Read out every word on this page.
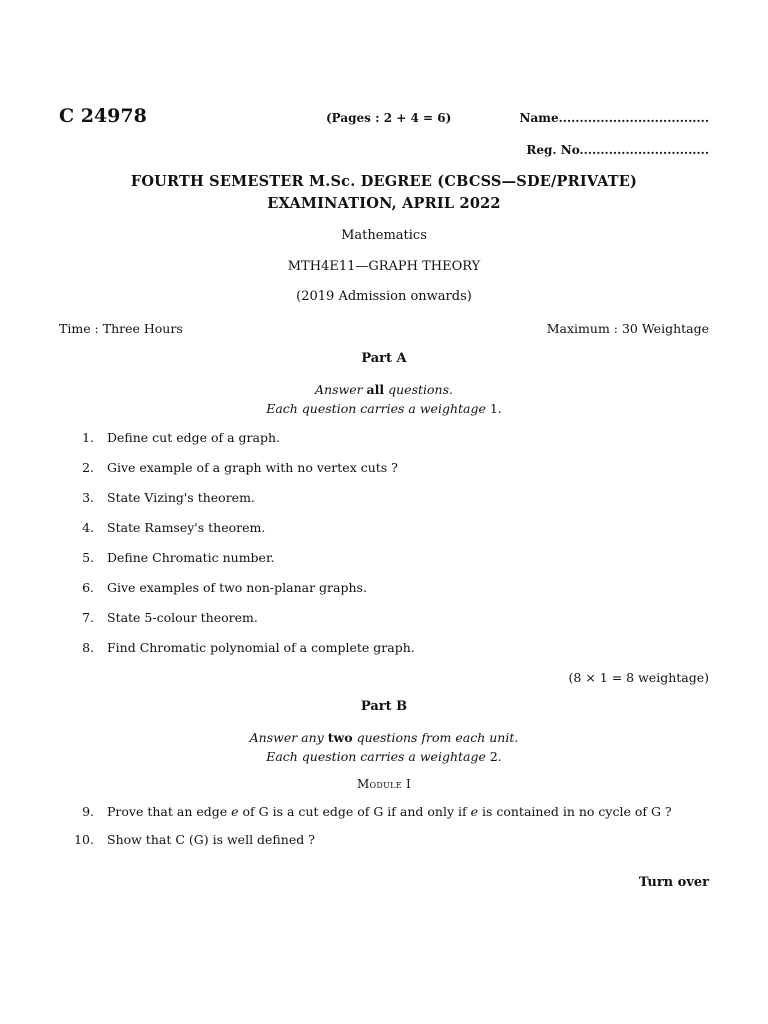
C 24978	(Pages : 2 + 4 = 6)	Name....................................
Reg. No...............................
FOURTH SEMESTER M.Sc. DEGREE (CBCSS—SDE/PRIVATE)
EXAMINATION, APRIL 2022
Mathematics
MTH4E11—GRAPH THEORY
(2019 Admission onwards)
Time : Three Hours	Maximum : 30 Weightage
Part A
Answer all questions.
Each question carries a weightage 1.
1. Define cut edge of a graph.
2. Give example of a graph with no vertex cuts ?
3. State Vizing's theorem.
4. State Ramsey's theorem.
5. Define Chromatic number.
6. Give examples of two non-planar graphs.
7. State 5-colour theorem.
8. Find Chromatic polynomial of a complete graph.
(8 × 1 = 8 weightage)
Part B
Answer any two questions from each unit.
Each question carries a weightage 2.
Module I
9. Prove that an edge e of G is a cut edge of G if and only if e is contained in no cycle of G ?
10. Show that C (G) is well defined ?
Turn over
